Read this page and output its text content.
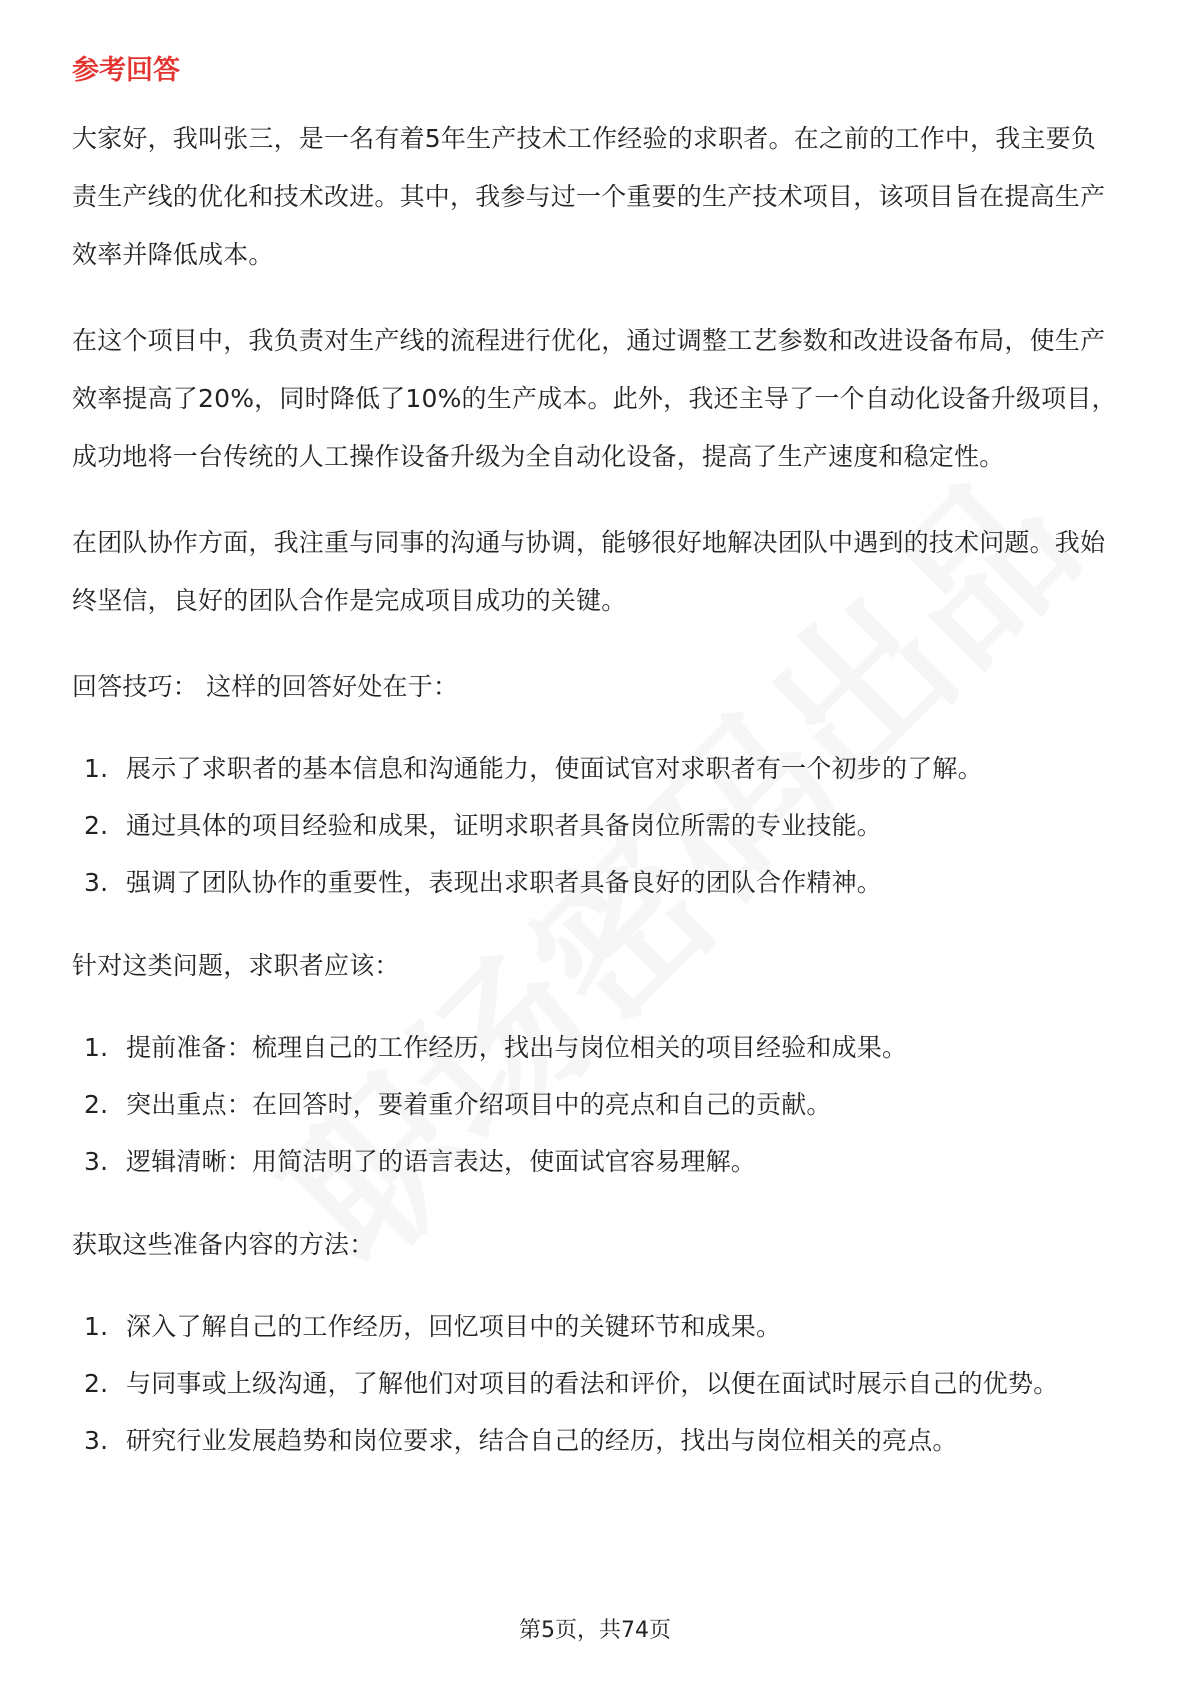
参考回答

大家好，我叫张三，是一名有着5年生产技术工作经验的求职者。在之前的工作中，我主要负责生产线的优化和技术改进。其中，我参与过一个重要的生产技术项目，该项目旨在提高生产效率并降低成本。

在这个项目中，我负责对生产线的流程进行优化，通过调整工艺参数和改进设备布局，使生产效率提高了20%，同时降低了10%的生产成本。此外，我还主导了一个自动化设备升级项目，成功地将一台传统的人工操作设备升级为全自动化设备，提高了生产速度和稳定性。

在团队协作方面，我注重与同事的沟通与协调，能够很好地解决团队中遇到的技术问题。我始终坚信，良好的团队合作是完成项目成功的关键。

回答技巧： 这样的回答好处在于：

1. 展示了求职者的基本信息和沟通能力，使面试官对求职者有一个初步的了解。
2. 通过具体的项目经验和成果，证明求职者具备岗位所需的专业技能。
3. 强调了团队协作的重要性，表现出求职者具备良好的团队合作精神。

针对这类问题，求职者应该：

1. 提前准备：梳理自己的工作经历，找出与岗位相关的项目经验和成果。
2. 突出重点：在回答时，要着重介绍项目中的亮点和自己的贡献。
3. 逻辑清晰：用简洁明了的语言表达，使面试官容易理解。

获取这些准备内容的方法：

1. 深入了解自己的工作经历，回忆项目中的关键环节和成果。
2. 与同事或上级沟通，了解他们对项目的看法和评价，以便在面试时展示自己的优势。
3. 研究行业发展趋势和岗位要求，结合自己的经历，找出与岗位相关的亮点。
第5页，共74页
